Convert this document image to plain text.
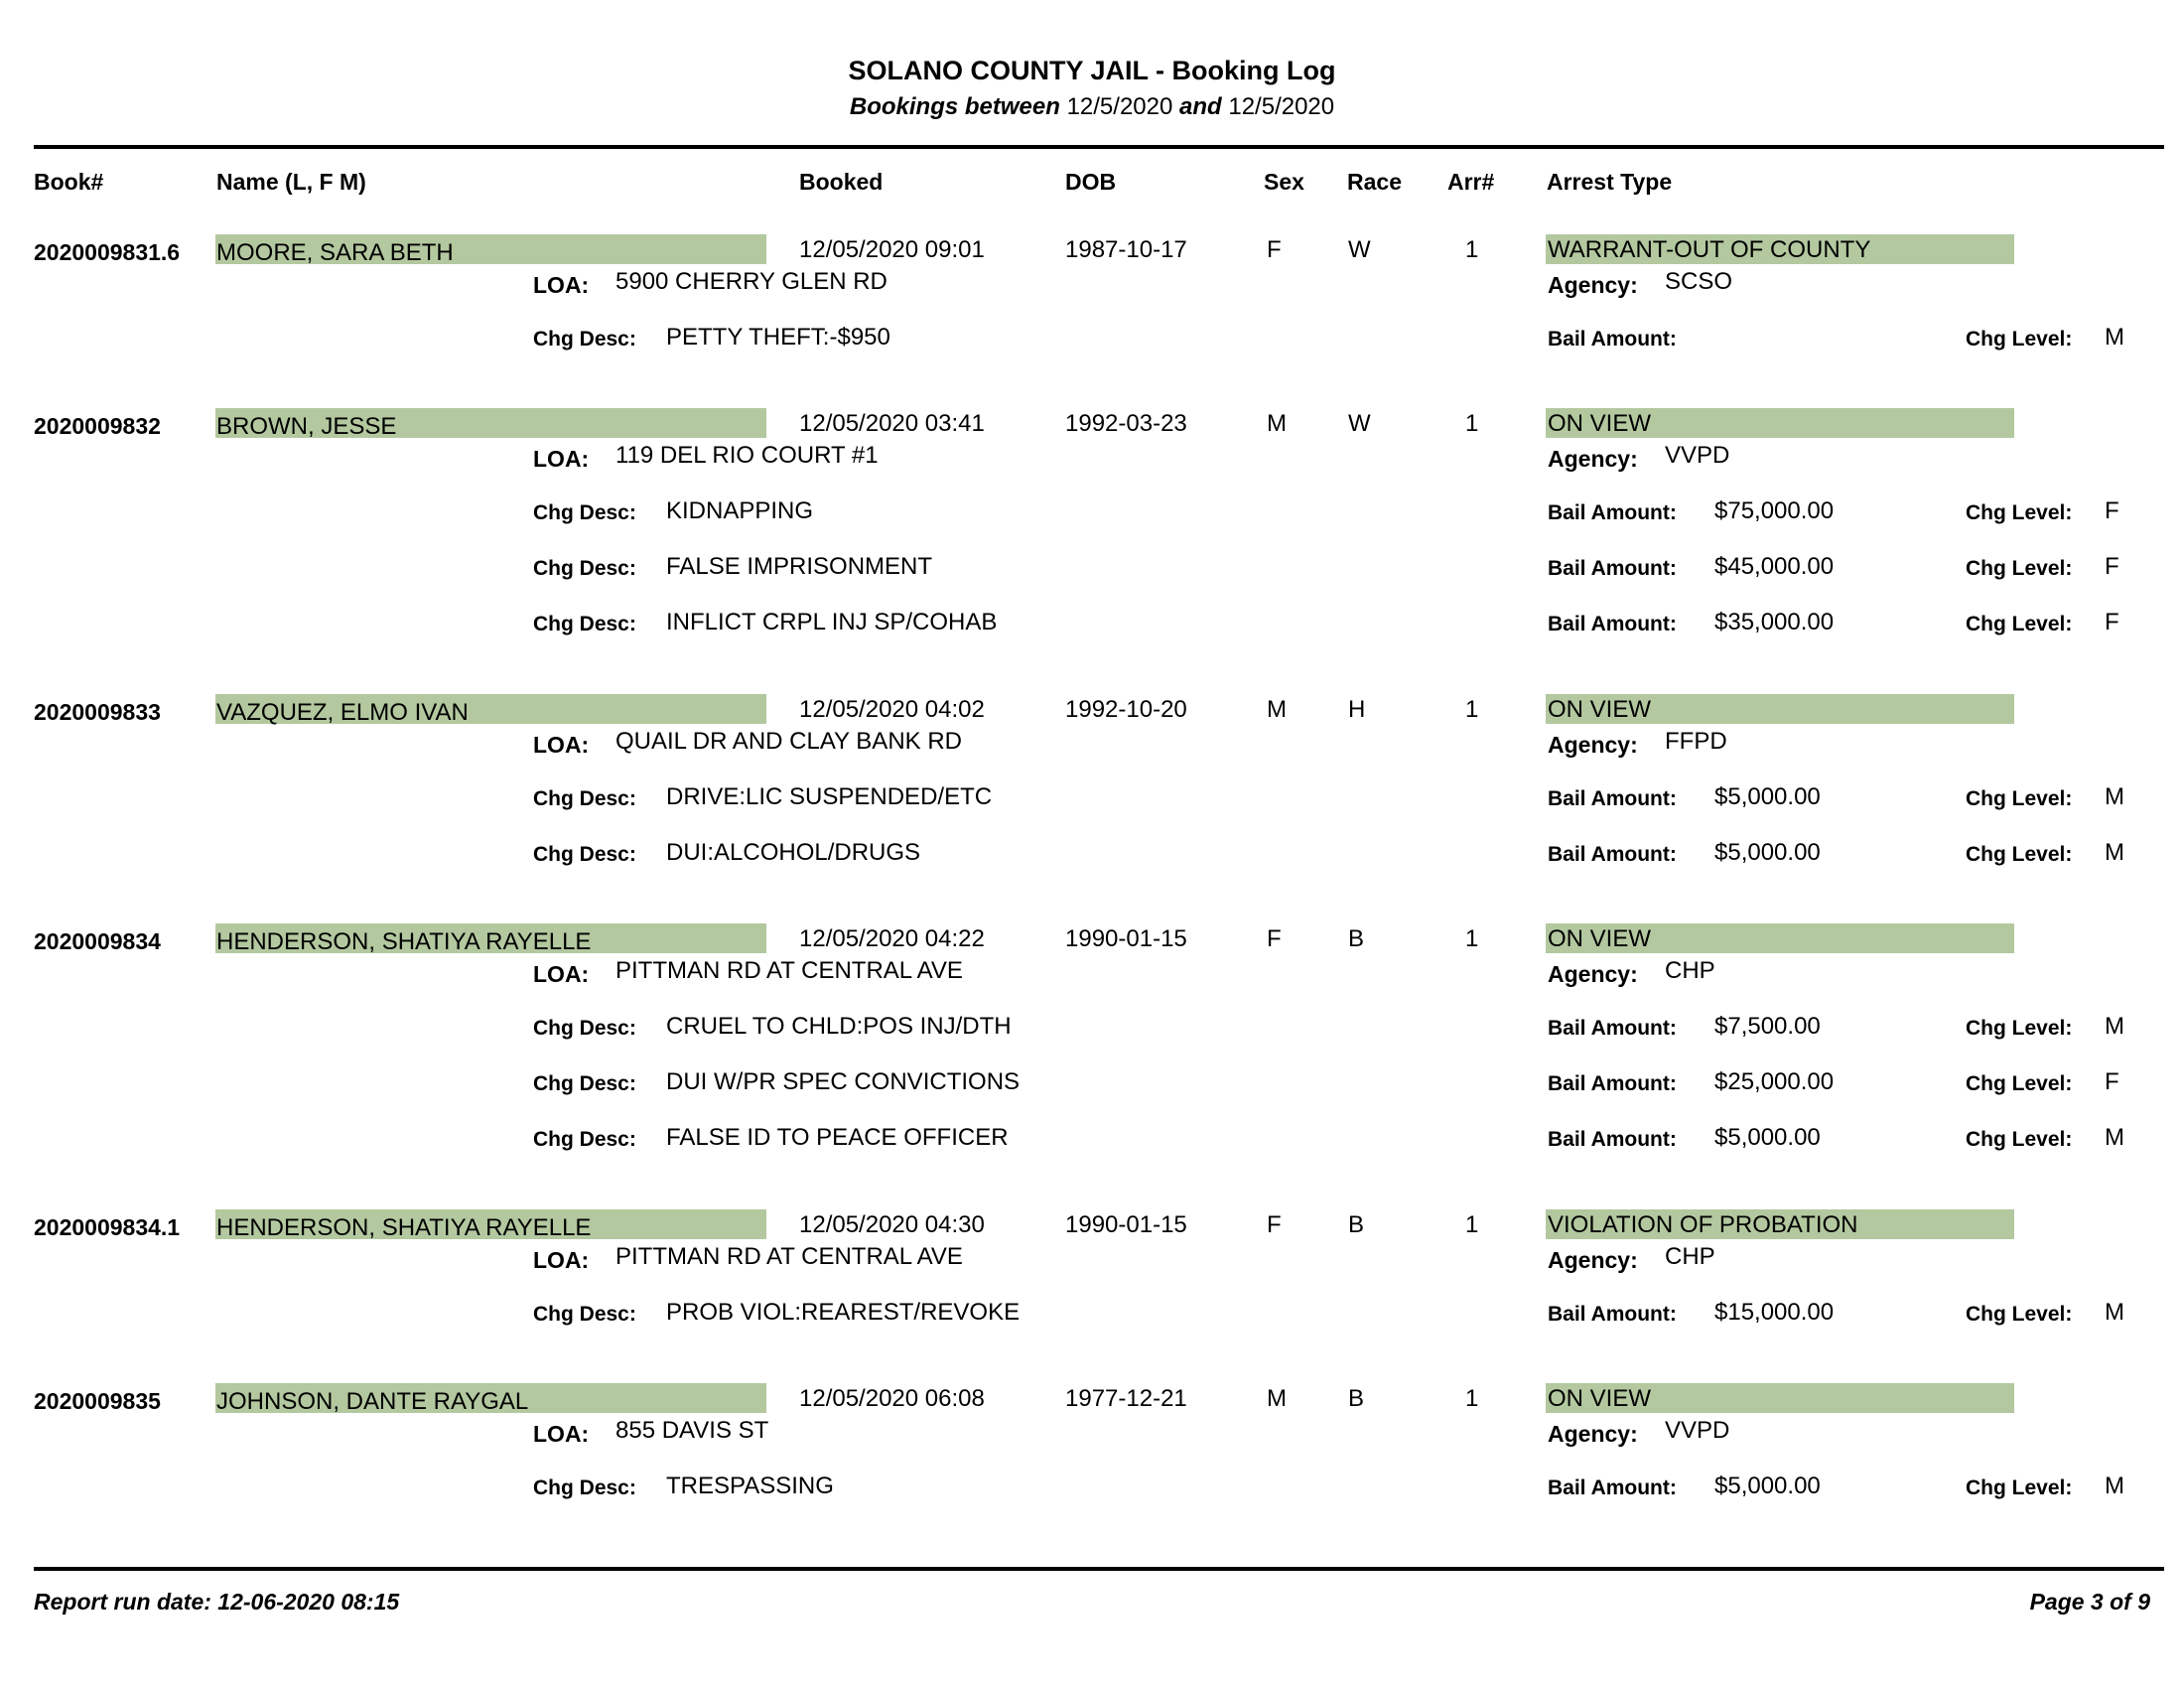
SOLANO COUNTY JAIL - Booking Log
Bookings between 12/5/2020 and 12/5/2020
Book#	Name (L, F M)	Booked	DOB	Sex Race Arr# Arrest Type
2020009831.6 MOORE, SARA BETH	12/05/2020 09:01	1987-10-17	F	W	1	WARRANT-OUT OF COUNTY
LOA: 5900 CHERRY GLEN RD	Agency: SCSO
Chg Desc: PETTY THEFT:-$950	Bail Amount:	Chg Level: M
2020009832 BROWN, JESSE	12/05/2020 03:41	1992-03-23	M	W	1	ON VIEW
LOA: 119 DEL RIO COURT #1	Agency: VVPD
Chg Desc: KIDNAPPING	Bail Amount: $75,000.00	Chg Level: F
Chg Desc: FALSE IMPRISONMENT	Bail Amount: $45,000.00	Chg Level: F
Chg Desc: INFLICT CRPL INJ SP/COHAB	Bail Amount: $35,000.00	Chg Level: F
2020009833 VAZQUEZ, ELMO IVAN	12/05/2020 04:02	1992-10-20	M	H	1	ON VIEW
LOA: QUAIL DR AND CLAY BANK RD	Agency: FFPD
Chg Desc: DRIVE:LIC SUSPENDED/ETC	Bail Amount: $5,000.00	Chg Level: M
Chg Desc: DUI:ALCOHOL/DRUGS	Bail Amount: $5,000.00	Chg Level: M
2020009834 HENDERSON, SHATIYA RAYELLE	12/05/2020 04:22	1990-01-15	F	B	1	ON VIEW
LOA: PITTMAN RD AT CENTRAL AVE	Agency: CHP
Chg Desc: CRUEL TO CHLD:POS INJ/DTH	Bail Amount: $7,500.00	Chg Level: M
Chg Desc: DUI W/PR SPEC CONVICTIONS	Bail Amount: $25,000.00	Chg Level: F
Chg Desc: FALSE ID TO PEACE OFFICER	Bail Amount: $5,000.00	Chg Level: M
2020009834.1 HENDERSON, SHATIYA RAYELLE	12/05/2020 04:30	1990-01-15	F	B	1	VIOLATION OF PROBATION
LOA: PITTMAN RD AT CENTRAL AVE	Agency: CHP
Chg Desc: PROB VIOL:REAREST/REVOKE	Bail Amount: $15,000.00	Chg Level: M
2020009835 JOHNSON, DANTE RAYGAL	12/05/2020 06:08	1977-12-21	M	B	1	ON VIEW
LOA: 855 DAVIS ST	Agency: VVPD
Chg Desc: TRESPASSING	Bail Amount: $5,000.00	Chg Level: M
Report run date: 12-06-2020 08:15	Page 3 of 9
